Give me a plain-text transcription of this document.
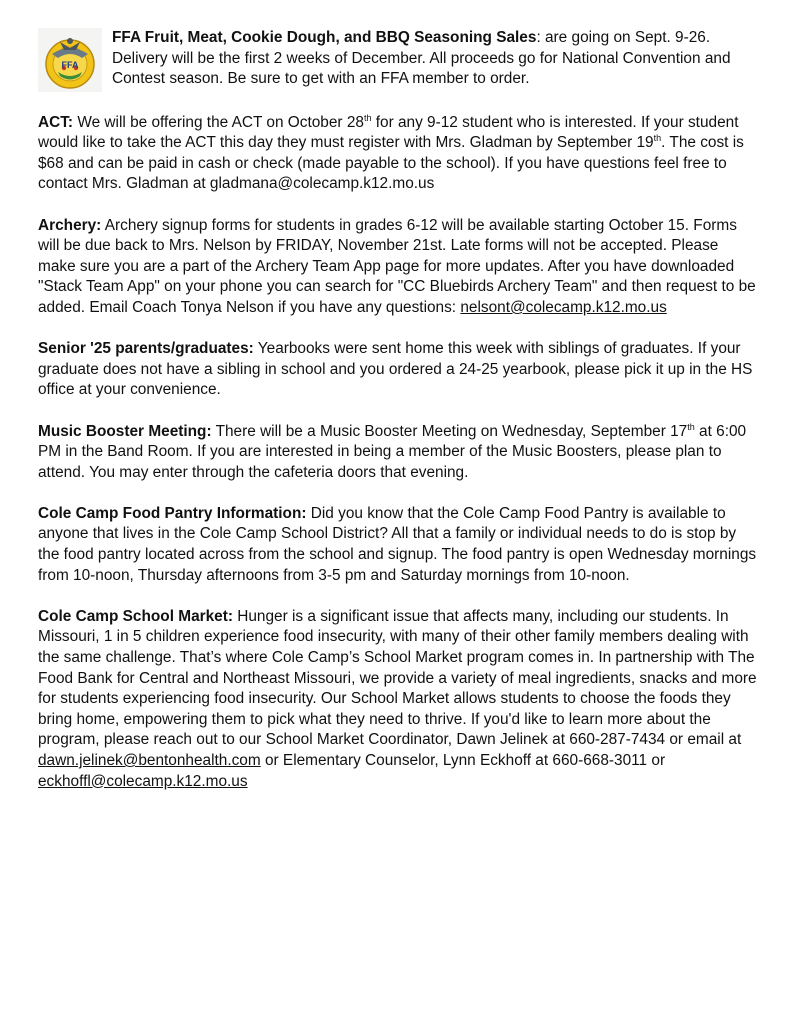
FFA
FFA Fruit, Meat, Cookie Dough, and BBQ Seasoning Sales: are going on Sept. 9-26. Delivery will be the first 2 weeks of December. All proceeds go for National Convention and Contest season. Be sure to get with an FFA member to order.

ACT: We will be offering the ACT on October 28th for any 9-12 student who is interested. If your student would like to take the ACT this day they must register with Mrs. Gladman by September 19th. The cost is $68 and can be paid in cash or check (made payable to the school). If you have questions feel free to contact Mrs. Gladman at gladmana@colecamp.k12.mo.us

Archery: Archery signup forms for students in grades 6-12 will be available starting October 15. Forms will be due back to Mrs. Nelson by FRIDAY, November 21st. Late forms will not be accepted. Please make sure you are a part of the Archery Team App page for more updates. After you have downloaded "Stack Team App" on your phone you can search for "CC Bluebirds Archery Team" and then request to be added. Email Coach Tonya Nelson if you have any questions: nelsont@colecamp.k12.mo.us

Senior '25 parents/graduates: Yearbooks were sent home this week with siblings of graduates. If your graduate does not have a sibling in school and you ordered a 24-25 yearbook, please pick it up in the HS office at your convenience.

Music Booster Meeting: There will be a Music Booster Meeting on Wednesday, September 17th at 6:00 PM in the Band Room. If you are interested in being a member of the Music Boosters, please plan to attend. You may enter through the cafeteria doors that evening.

Cole Camp Food Pantry Information: Did you know that the Cole Camp Food Pantry is available to anyone that lives in the Cole Camp School District? All that a family or individual needs to do is stop by the food pantry located across from the school and signup. The food pantry is open Wednesday mornings from 10-noon, Thursday afternoons from 3-5 pm and Saturday mornings from 10-noon.

Cole Camp School Market: Hunger is a significant issue that affects many, including our students. In Missouri, 1 in 5 children experience food insecurity, with many of their other family members dealing with the same challenge. That’s where Cole Camp’s School Market program comes in. In partnership with The Food Bank for Central and Northeast Missouri, we provide a variety of meal ingredients, snacks and more for students experiencing food insecurity. Our School Market allows students to choose the foods they bring home, empowering them to pick what they need to thrive. If you'd like to learn more about the program, please reach out to our School Market Coordinator, Dawn Jelinek at 660-287-7434 or email at dawn.jelinek@bentonhealth.com or Elementary Counselor, Lynn Eckhoff at 660-668-3011 or eckhoffl@colecamp.k12.mo.us
